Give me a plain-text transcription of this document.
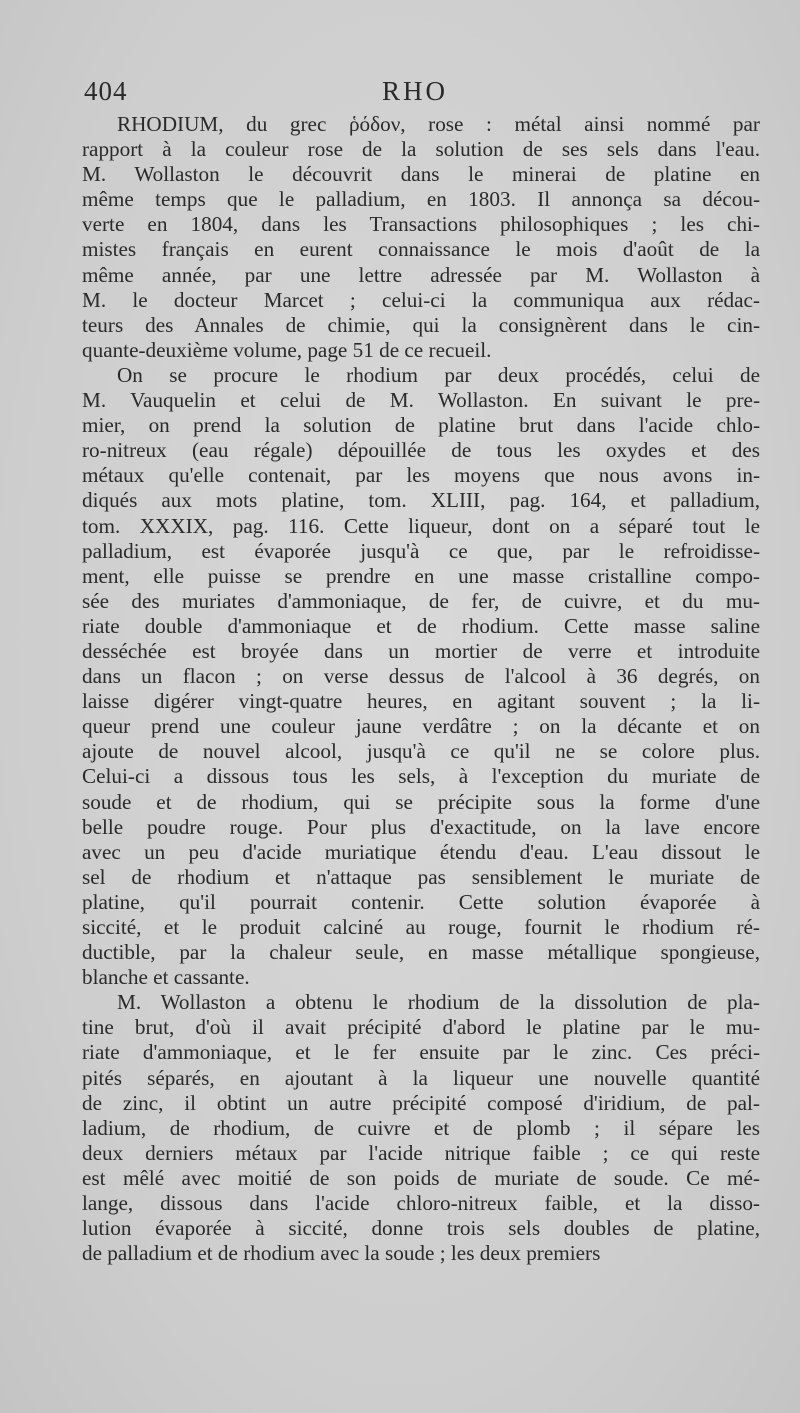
404	RHO
RHODIUM, du grec ῥόδον, rose : métal ainsi nommé par
rapport à la couleur rose de la solution de ses sels dans l'eau.
M. Wollaston le découvrit dans le minerai de platine en
même temps que le palladium, en 1803. Il annonça sa décou-
verte en 1804, dans les Transactions philosophiques ; les chi-
mistes français en eurent connaissance le mois d'août de la
même année, par une lettre adressée par M. Wollaston à
M. le docteur Marcet ; celui-ci la communiqua aux rédac-
teurs des Annales de chimie, qui la consignèrent dans le cin-
quante-deuxième volume, page 51 de ce recueil.
On se procure le rhodium par deux procédés, celui de
M. Vauquelin et celui de M. Wollaston. En suivant le pre-
mier, on prend la solution de platine brut dans l'acide chlo-
ro-nitreux (eau régale) dépouillée de tous les oxydes et des
métaux qu'elle contenait, par les moyens que nous avons in-
diqués aux mots platine, tom. XLIII, pag. 164, et palladium,
tom. XXXIX, pag. 116. Cette liqueur, dont on a séparé tout le
palladium, est évaporée jusqu'à ce que, par le refroidisse-
ment, elle puisse se prendre en une masse cristalline compo-
sée des muriates d'ammoniaque, de fer, de cuivre, et du mu-
riate double d'ammoniaque et de rhodium. Cette masse saline
desséchée est broyée dans un mortier de verre et introduite
dans un flacon ; on verse dessus de l'alcool à 36 degrés, on
laisse digérer vingt-quatre heures, en agitant souvent ; la li-
queur prend une couleur jaune verdâtre ; on la décante et on
ajoute de nouvel alcool, jusqu'à ce qu'il ne se colore plus.
Celui-ci a dissous tous les sels, à l'exception du muriate de
soude et de rhodium, qui se précipite sous la forme d'une
belle poudre rouge. Pour plus d'exactitude, on la lave encore
avec un peu d'acide muriatique étendu d'eau. L'eau dissout le
sel de rhodium et n'attaque pas sensiblement le muriate de
platine, qu'il pourrait contenir. Cette solution évaporée à
siccité, et le produit calciné au rouge, fournit le rhodium ré-
ductible, par la chaleur seule, en masse métallique spongieuse,
blanche et cassante.
M. Wollaston a obtenu le rhodium de la dissolution de pla-
tine brut, d'où il avait précipité d'abord le platine par le mu-
riate d'ammoniaque, et le fer ensuite par le zinc. Ces préci-
pités séparés, en ajoutant à la liqueur une nouvelle quantité
de zinc, il obtint un autre précipité composé d'iridium, de pal-
ladium, de rhodium, de cuivre et de plomb ; il sépare les
deux derniers métaux par l'acide nitrique faible ; ce qui reste
est mêlé avec moitié de son poids de muriate de soude. Ce mé-
lange, dissous dans l'acide chloro-nitreux faible, et la disso-
lution évaporée à siccité, donne trois sels doubles de platine,
de palladium et de rhodium avec la soude ; les deux premiers
